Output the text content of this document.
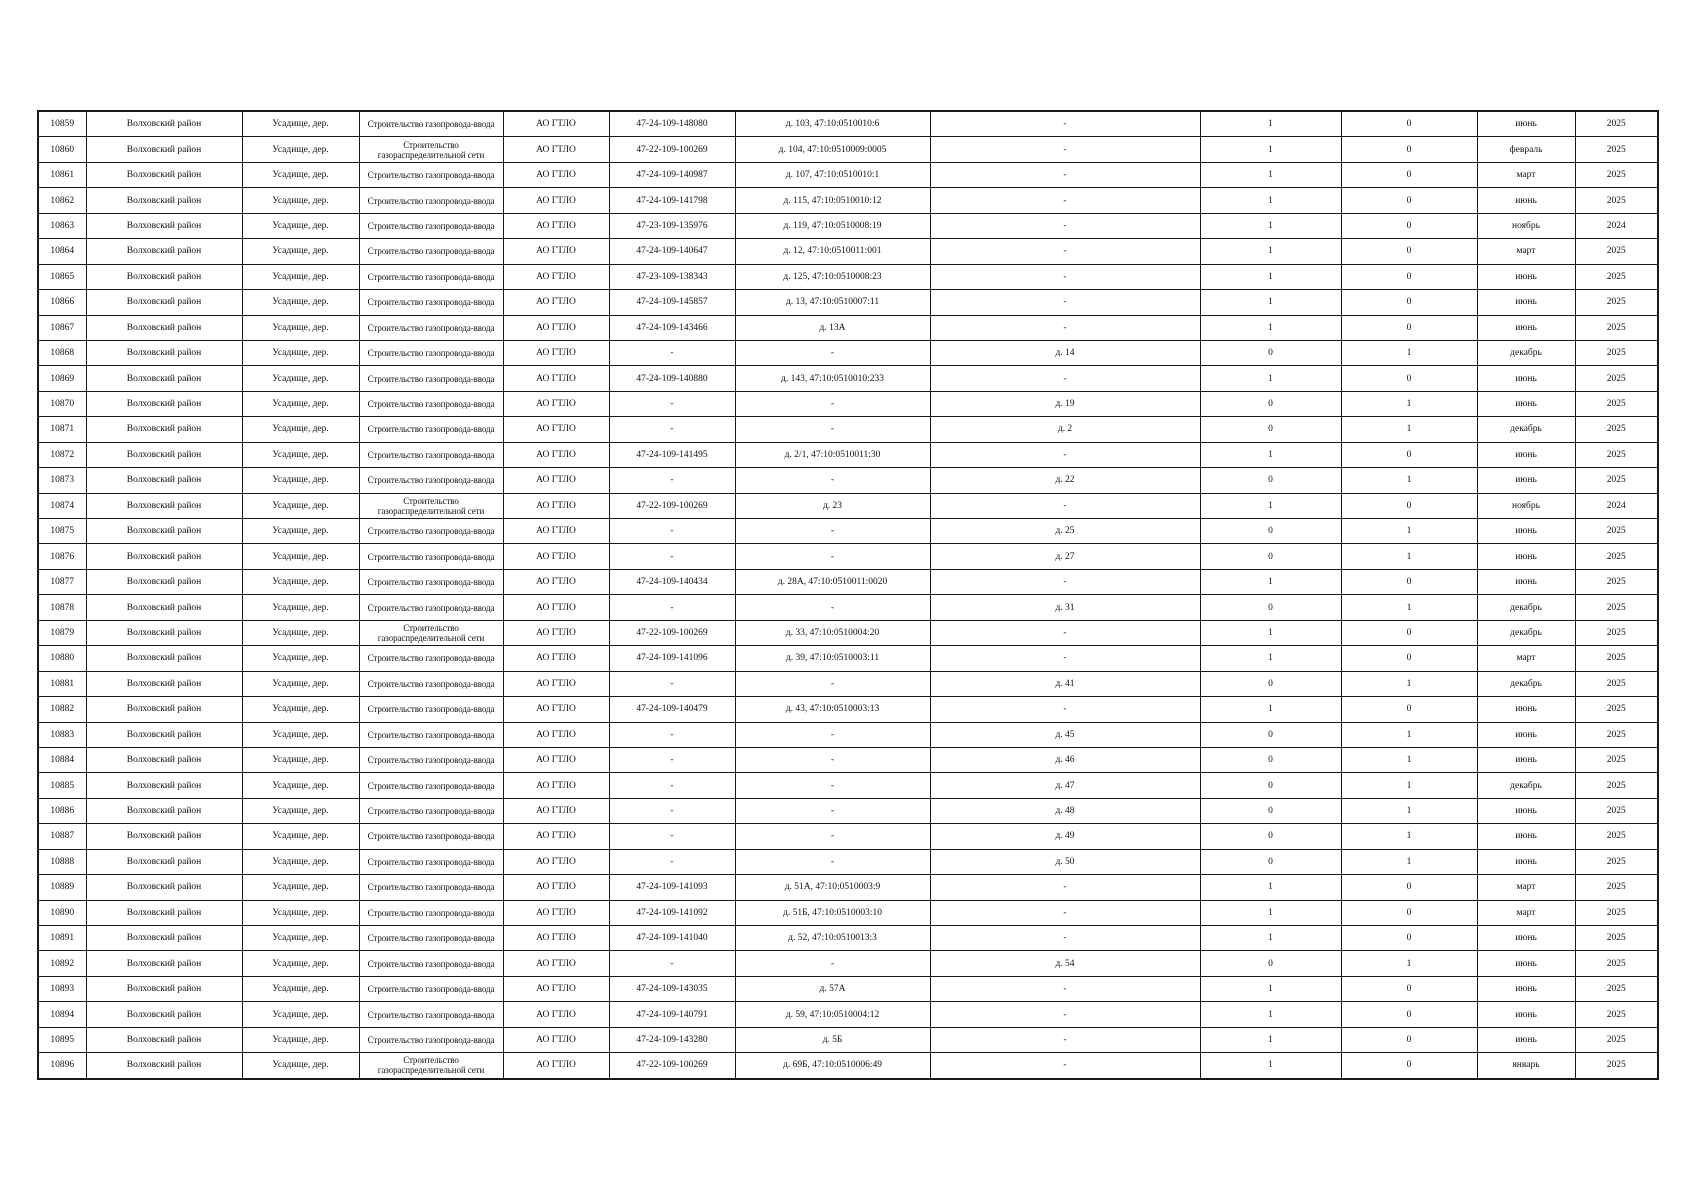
10859	Волховский район	Усадище, дер.	Строительство газопровода-ввода	АО ГТЛО	47-24-109-148080	д. 103, 47:10:0510010:6	-	1	0	июнь	2025
10860	Волховский район	Усадище, дер.	Строительство газораспределительной сети	АО ГТЛО	47-22-109-100269	д. 104, 47:10:0510009:0005	-	1	0	февраль	2025
10861	Волховский район	Усадище, дер.	Строительство газопровода-ввода	АО ГТЛО	47-24-109-140987	д. 107, 47:10:0510010:1	-	1	0	март	2025
10862	Волховский район	Усадище, дер.	Строительство газопровода-ввода	АО ГТЛО	47-24-109-141798	д. 115, 47:10:0510010:12	-	1	0	июнь	2025
10863	Волховский район	Усадище, дер.	Строительство газопровода-ввода	АО ГТЛО	47-23-109-135976	д. 119, 47:10:0510008:19	-	1	0	ноябрь	2024
10864	Волховский район	Усадище, дер.	Строительство газопровода-ввода	АО ГТЛО	47-24-109-140647	д. 12, 47:10:0510011:001	-	1	0	март	2025
10865	Волховский район	Усадище, дер.	Строительство газопровода-ввода	АО ГТЛО	47-23-109-138343	д. 125, 47:10:0510008:23	-	1	0	июнь	2025
10866	Волховский район	Усадище, дер.	Строительство газопровода-ввода	АО ГТЛО	47-24-109-145857	д. 13, 47:10:0510007:11	-	1	0	июнь	2025
10867	Волховский район	Усадище, дер.	Строительство газопровода-ввода	АО ГТЛО	47-24-109-143466	д. 13А	-	1	0	июнь	2025
10868	Волховский район	Усадище, дер.	Строительство газопровода-ввода	АО ГТЛО	-	-	д. 14	0	1	декабрь	2025
10869	Волховский район	Усадище, дер.	Строительство газопровода-ввода	АО ГТЛО	47-24-109-140880	д. 143, 47:10:0510010:233	-	1	0	июнь	2025
10870	Волховский район	Усадище, дер.	Строительство газопровода-ввода	АО ГТЛО	-	-	д. 19	0	1	июнь	2025
10871	Волховский район	Усадище, дер.	Строительство газопровода-ввода	АО ГТЛО	-	-	д. 2	0	1	декабрь	2025
10872	Волховский район	Усадище, дер.	Строительство газопровода-ввода	АО ГТЛО	47-24-109-141495	д. 2/1, 47:10:0510011:30	-	1	0	июнь	2025
10873	Волховский район	Усадище, дер.	Строительство газопровода-ввода	АО ГТЛО	-	-	д. 22	0	1	июнь	2025
10874	Волховский район	Усадище, дер.	Строительство газораспределительной сети	АО ГТЛО	47-22-109-100269	д. 23	-	1	0	ноябрь	2024
10875	Волховский район	Усадище, дер.	Строительство газопровода-ввода	АО ГТЛО	-	-	д. 25	0	1	июнь	2025
10876	Волховский район	Усадище, дер.	Строительство газопровода-ввода	АО ГТЛО	-	-	д. 27	0	1	июнь	2025
10877	Волховский район	Усадище, дер.	Строительство газопровода-ввода	АО ГТЛО	47-24-109-140434	д. 28А, 47:10:0510011:0020	-	1	0	июнь	2025
10878	Волховский район	Усадище, дер.	Строительство газопровода-ввода	АО ГТЛО	-	-	д. 31	0	1	декабрь	2025
10879	Волховский район	Усадище, дер.	Строительство газораспределительной сети	АО ГТЛО	47-22-109-100269	д. 33, 47:10:0510004:20	-	1	0	декабрь	2025
10880	Волховский район	Усадище, дер.	Строительство газопровода-ввода	АО ГТЛО	47-24-109-141096	д. 39, 47:10:0510003:11	-	1	0	март	2025
10881	Волховский район	Усадище, дер.	Строительство газопровода-ввода	АО ГТЛО	-	-	д. 41	0	1	декабрь	2025
10882	Волховский район	Усадище, дер.	Строительство газопровода-ввода	АО ГТЛО	47-24-109-140479	д. 43, 47:10:0510003:13	-	1	0	июнь	2025
10883	Волховский район	Усадище, дер.	Строительство газопровода-ввода	АО ГТЛО	-	-	д. 45	0	1	июнь	2025
10884	Волховский район	Усадище, дер.	Строительство газопровода-ввода	АО ГТЛО	-	-	д. 46	0	1	июнь	2025
10885	Волховский район	Усадище, дер.	Строительство газопровода-ввода	АО ГТЛО	-	-	д. 47	0	1	декабрь	2025
10886	Волховский район	Усадище, дер.	Строительство газопровода-ввода	АО ГТЛО	-	-	д. 48	0	1	июнь	2025
10887	Волховский район	Усадище, дер.	Строительство газопровода-ввода	АО ГТЛО	-	-	д. 49	0	1	июнь	2025
10888	Волховский район	Усадище, дер.	Строительство газопровода-ввода	АО ГТЛО	-	-	д. 50	0	1	июнь	2025
10889	Волховский район	Усадище, дер.	Строительство газопровода-ввода	АО ГТЛО	47-24-109-141093	д. 51А, 47:10:0510003:9	-	1	0	март	2025
10890	Волховский район	Усадище, дер.	Строительство газопровода-ввода	АО ГТЛО	47-24-109-141092	д. 51Б, 47:10:0510003:10	-	1	0	март	2025
10891	Волховский район	Усадище, дер.	Строительство газопровода-ввода	АО ГТЛО	47-24-109-141040	д. 52, 47:10:0510013:3	-	1	0	июнь	2025
10892	Волховский район	Усадище, дер.	Строительство газопровода-ввода	АО ГТЛО	-	-	д. 54	0	1	июнь	2025
10893	Волховский район	Усадище, дер.	Строительство газопровода-ввода	АО ГТЛО	47-24-109-143035	д. 57А	-	1	0	июнь	2025
10894	Волховский район	Усадище, дер.	Строительство газопровода-ввода	АО ГТЛО	47-24-109-140791	д. 59, 47:10:0510004:12	-	1	0	июнь	2025
10895	Волховский район	Усадище, дер.	Строительство газопровода-ввода	АО ГТЛО	47-24-109-143280	д. 5Б	-	1	0	июнь	2025
10896	Волховский район	Усадище, дер.	Строительство газораспределительной сети	АО ГТЛО	47-22-109-100269	д. 69Б, 47:10:0510006:49	-	1	0	январь	2025
